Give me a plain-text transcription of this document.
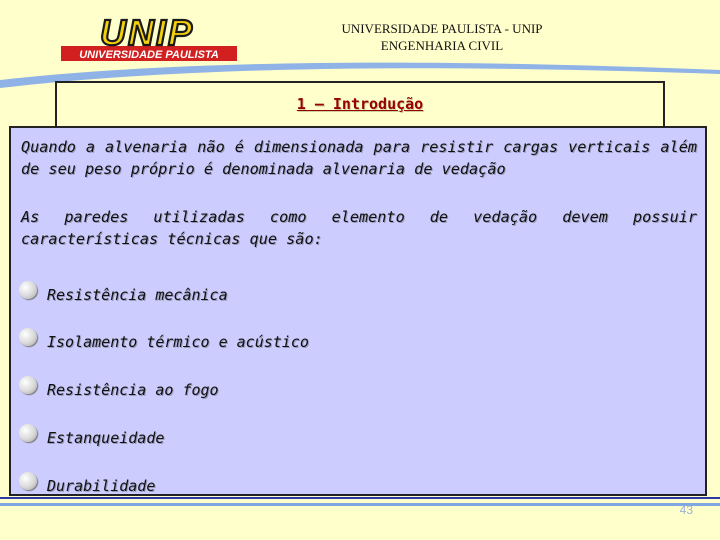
UNIVERSIDADE PAULISTA
UNIP	UNIVERSIDADE PAULISTA - UNIP
ENGENHARIA CIVIL
1 – Introdução
Quando a alvenaria não é dimensionada para resistir cargas verticais além de seu peso próprio é denominada alvenaria de vedação
As paredes utilizadas como elemento de vedação devem possuir características técnicas que são:
Resistência mecânica
Isolamento térmico e acústico
Resistência ao fogo
Estanqueidade
Durabilidade
43
